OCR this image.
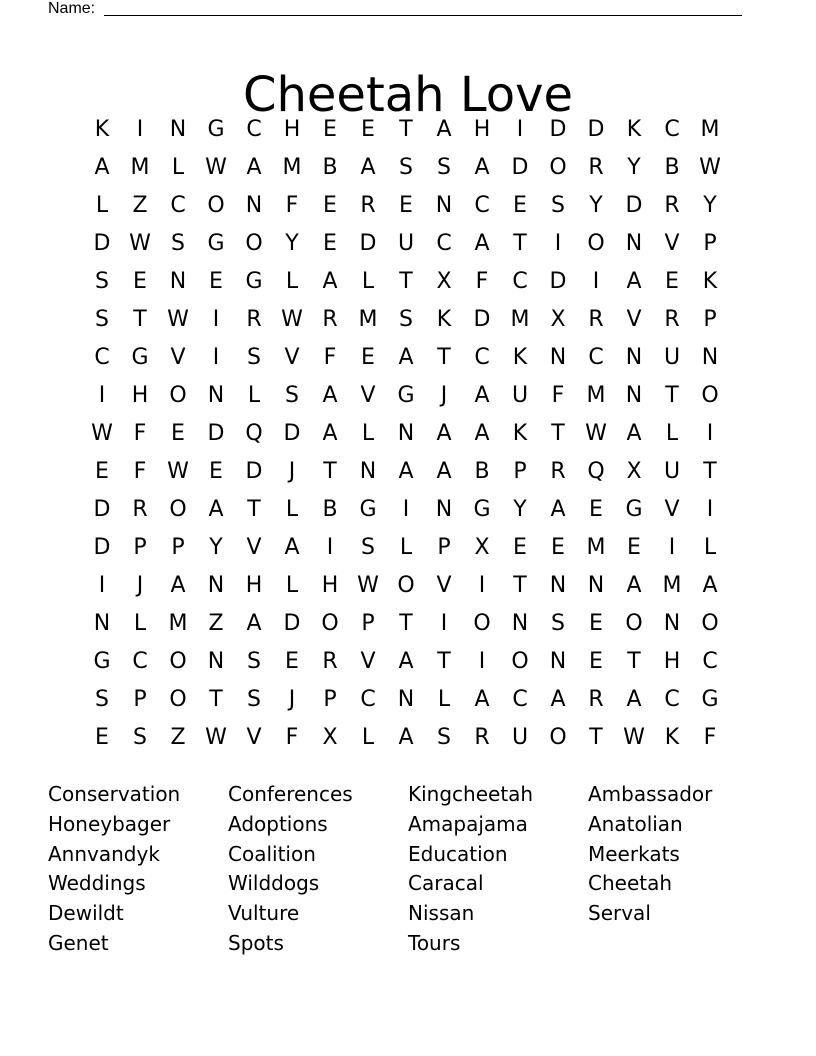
Name:
Cheetah Love
K	I	N G C	H	E	E	T	A	H	I	D D	K	C M
A M	L W A M B	A	S	S	A D O R	Y	B W
L	Z	C O N	F	E	R	E	N	C	E	S	Y	D R	Y
D W S	G O	Y	E	D U	C	A	T	I	O N	V	P
S	E	N	E	G	L	A	L	T	X	F	C D	I	A	E	K
S	T W	I	R W R M S	K	D M X	R	V	R	P
C G V	I	S	V	F	E	A	T	C	K	N	C	N U N
I	H O N	L	S	A	V G	J	A	U	F	M N	T	O
W F	E	D Q D	A	L	N	A	A	K	T W A	L	I
E	F W E	D	J	T	N	A	A	B	P	R Q X	U	T
D R O A	T	L	B G	I	N G	Y	A	E	G V	I
D	P	P	Y	V	A	I	S	L	P	X	E	E M E	I	L
I	J	A	N H	L	H W O V	I	T	N N	A M A
N	L	M Z	A D O	P	T	I	O N	S	E	O N O
G C O N	S	E	R	V	A	T	I	O N	E	T	H	C
S	P	O	T	S	J	P	C	N	L	A	C	A	R	A	C G
E	S	Z W V	F	X	L	A	S	R	U O	T W K	F
Conservation
Honeybager
Annvandyk
Weddings
Dewildt
Genet
Conferences
Adoptions
Coalition
Wilddogs
Vulture
Spots
Kingcheetah
Amapajama
Education
Caracal
Nissan
Tours
Ambassador
Anatolian
Meerkats
Cheetah
Serval
